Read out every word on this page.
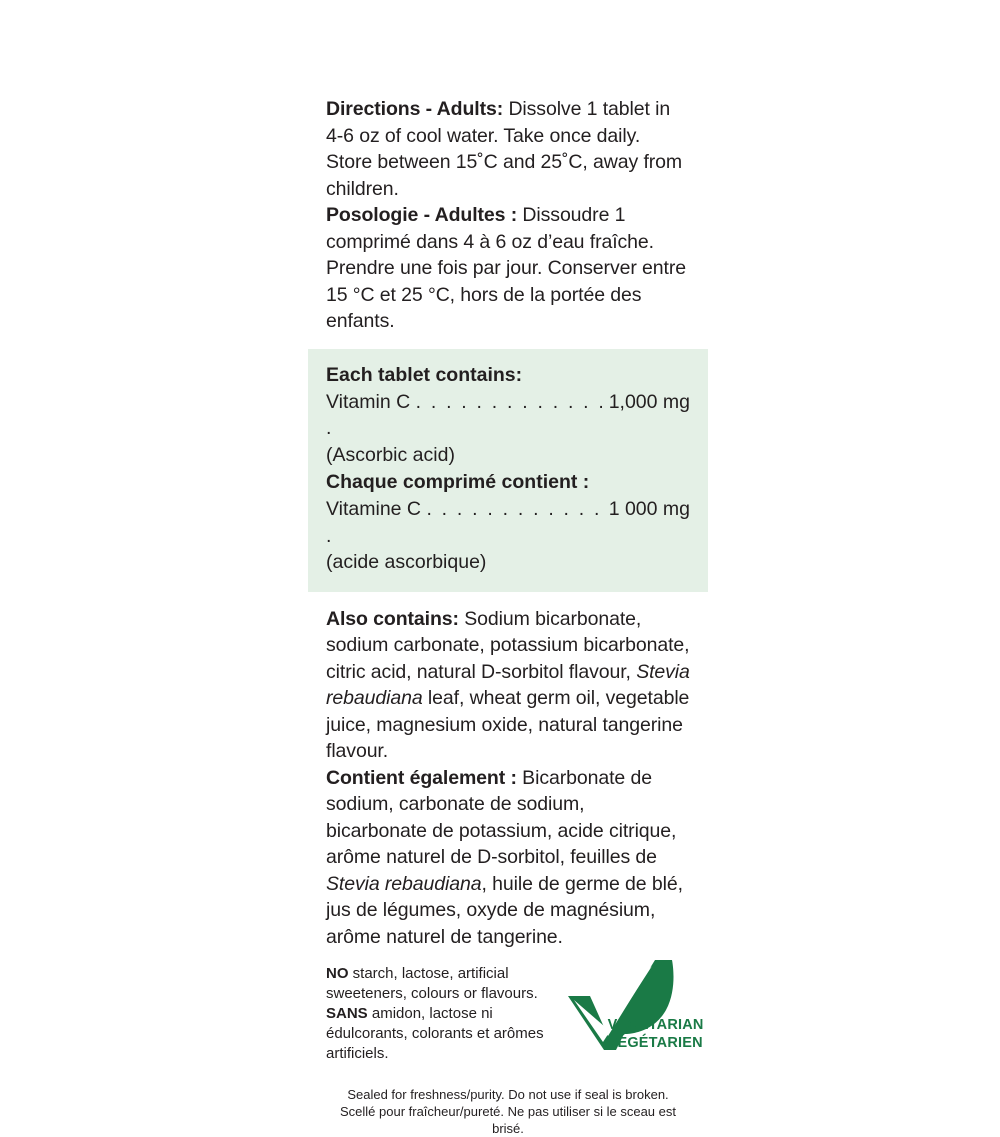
Directions - Adults: Dissolve 1 tablet in 4-6 oz of cool water. Take once daily. Store between 15˚C and 25˚C, away from children.
Posologie - Adultes : Dissoudre 1 comprimé dans 4 à 6 oz d’eau fraîche. Prendre une fois par jour. Conserver entre 15 °C et 25 °C, hors de la portée des enfants.
Each tablet contains:
1,000 mg
Vitamin C . . . . . . . . . . . . . .
(Ascorbic acid)
Chaque comprimé contient :
1 000 mg
Vitamine C . . . . . . . . . . . . .
(acide ascorbique)
Also contains: Sodium bicarbonate, sodium carbonate, potassium bicarbonate, citric acid, natural D-sorbitol flavour, Stevia rebaudiana leaf, wheat germ oil, vegetable juice, magnesium oxide, natural tangerine flavour.
Contient également : Bicarbonate de sodium, carbonate de sodium, bicarbonate de potassium, acide citrique, arôme naturel de D-sorbitol, feuilles de Stevia rebaudiana, huile de germe de blé, jus de légumes, oxyde de magnésium, arôme naturel de tangerine.
NO starch, lactose, artificial sweeteners, colours or flavours.
SANS amidon, lactose ni édulcorants, colorants et arômes artificiels.
VEGETARIAN
VÉGÉTARIEN
Sealed for freshness/purity. Do not use if seal is broken.
Scellé pour fraîcheur/pureté. Ne pas utiliser si le sceau est brisé.
